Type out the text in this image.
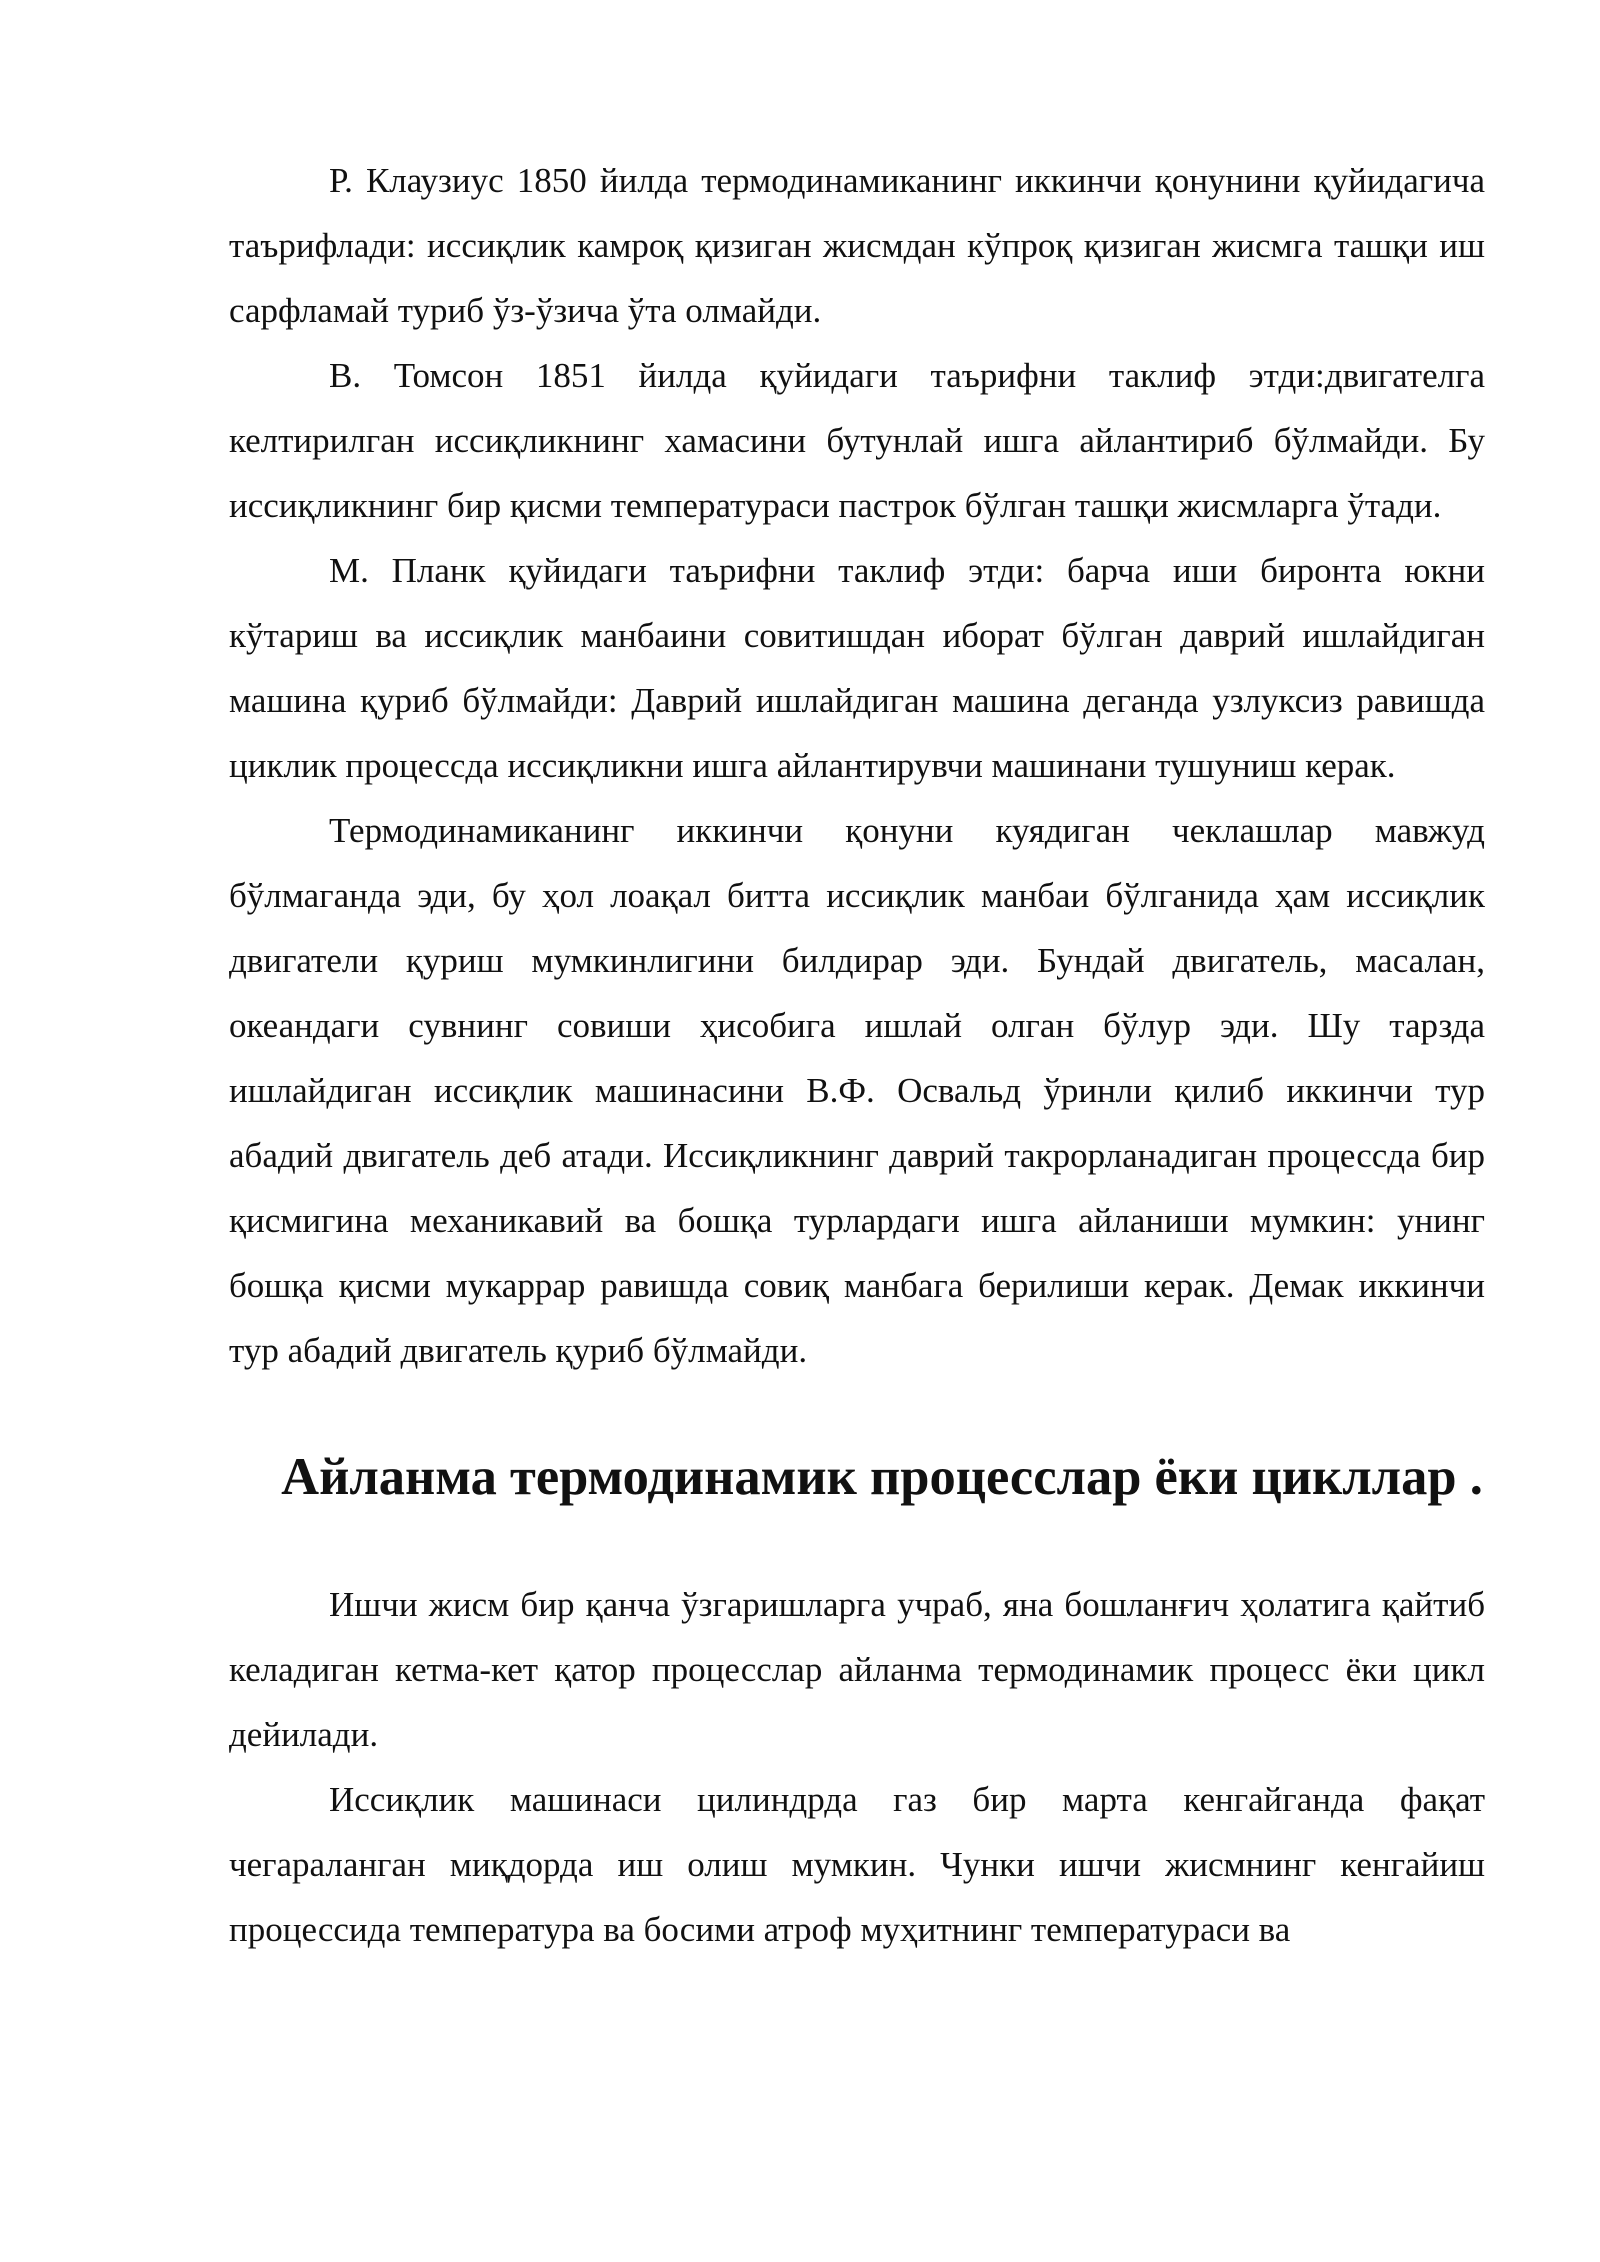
Р. Клаузиус 1850 йилда термодинамиканинг иккинчи қонунини қуйидагича таърифлади: иссиқлик камроқ қизиган жисмдан кўпроқ қизиган жисмга ташқи иш сарфламай туриб ўз-ўзича ўта олмайди.

В. Томсон 1851 йилда қуйидаги таърифни таклиф этди:двигателга келтирилган иссиқликнинг хамасини бутунлай ишга айлантириб бўлмайди. Бу иссиқликнинг бир қисми температураси пастрок бўлган ташқи жисмларга ўтади.

М. Планк қуйидаги таърифни таклиф этди: барча иши биронта юкни кўтариш ва иссиқлик манбаини совитишдан иборат бўлган даврий ишлайдиган машина қуриб бўлмайди: Даврий ишлайдиган машина деганда узлуксиз равишда циклик процессда иссиқликни ишга айлантирувчи машинани тушуниш керак.

Термодинамиканинг иккинчи қонуни куядиган чеклашлар мавжуд бўлмаганда эди, бу ҳол лоақал битта иссиқлик манбаи бўлганида ҳам иссиқлик двигатели қуриш мумкинлигини билдирар эди. Бундай двигатель, масалан, океандаги сувнинг совиши ҳисобига ишлай олган бўлур эди. Шу тарзда ишлайдиган иссиқлик машинасини В.Ф. Освальд ўринли қилиб иккинчи тур абадий двигатель деб атади. Иссиқликнинг даврий такрорланадиган процессда бир қисмигина механикавий ва бошқа турлардаги ишга айланиши мумкин: унинг бошқа қисми мукаррар равишда совиқ манбага берилиши керак. Демак иккинчи тур абадий двигатель қуриб бўлмайди.

Айланма термодинамик процесслар ёки цикллар .

Ишчи жисм бир қанча ўзгаришларга учраб, яна бошланғич ҳолатига қайтиб келадиган кетма-кет қатор процесслар айланма термодинамик процесс ёки цикл дейилади.

Иссиқлик машинаси цилиндрда газ бир марта кенгайганда фақат чегараланган миқдорда иш олиш мумкин. Чунки ишчи жисмнинг кенгайиш процессида температура ва босими атроф муҳитнинг температураси ва
